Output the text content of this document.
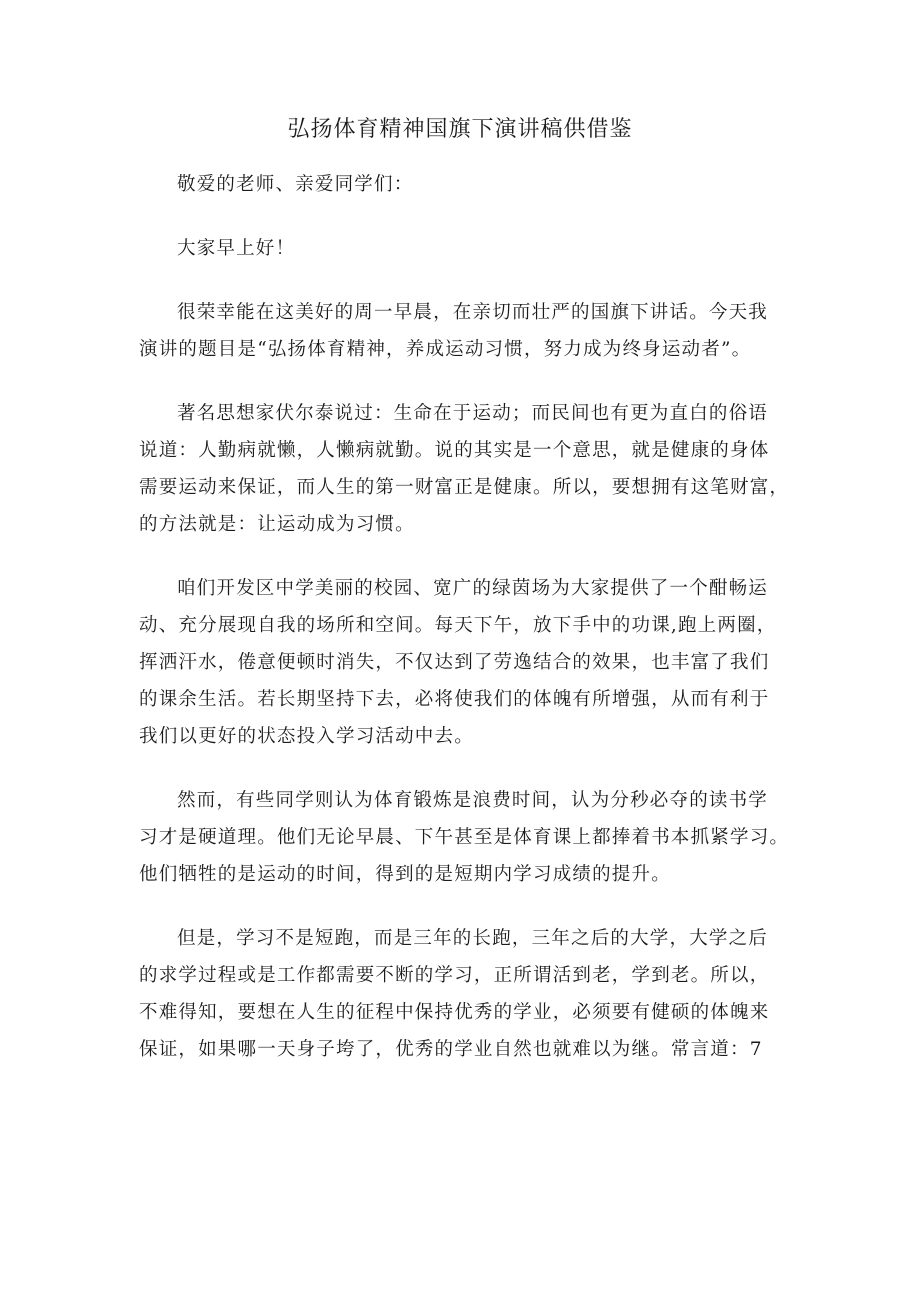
弘扬体育精神国旗下演讲稿供借鉴

敬爱的老师、亲爱同学们：

大家早上好！

很荣幸能在这美好的周一早晨，在亲切而壮严的国旗下讲话。今天我
演讲的题目是“弘扬体育精神，养成运动习惯，努力成为终身运动者”。

著名思想家伏尔泰说过：生命在于运动；而民间也有更为直白的俗语
说道：人勤病就懒，人懒病就勤。说的其实是一个意思，就是健康的身体
需要运动来保证，而人生的第一财富正是健康。所以，要想拥有这笔财富，
的方法就是：让运动成为习惯。

咱们开发区中学美丽的校园、宽广的绿茵场为大家提供了一个酣畅运
动、充分展现自我的场所和空间。每天下午，放下手中的功课,跑上两圈，
挥洒汗水，倦意便顿时消失，不仅达到了劳逸结合的效果，也丰富了我们
的课余生活。若长期坚持下去，必将使我们的体魄有所增强，从而有利于
我们以更好的状态投入学习活动中去。

然而，有些同学则认为体育锻炼是浪费时间，认为分秒必夺的读书学
习才是硬道理。他们无论早晨、下午甚至是体育课上都捧着书本抓紧学习。
他们牺牲的是运动的时间，得到的是短期内学习成绩的提升。

但是，学习不是短跑，而是三年的长跑，三年之后的大学，大学之后
的求学过程或是工作都需要不断的学习，正所谓活到老，学到老。所以，
不难得知，要想在人生的征程中保持优秀的学业，必须要有健硕的体魄来
保证，如果哪一天身子垮了，优秀的学业自然也就难以为继。常言道：7
